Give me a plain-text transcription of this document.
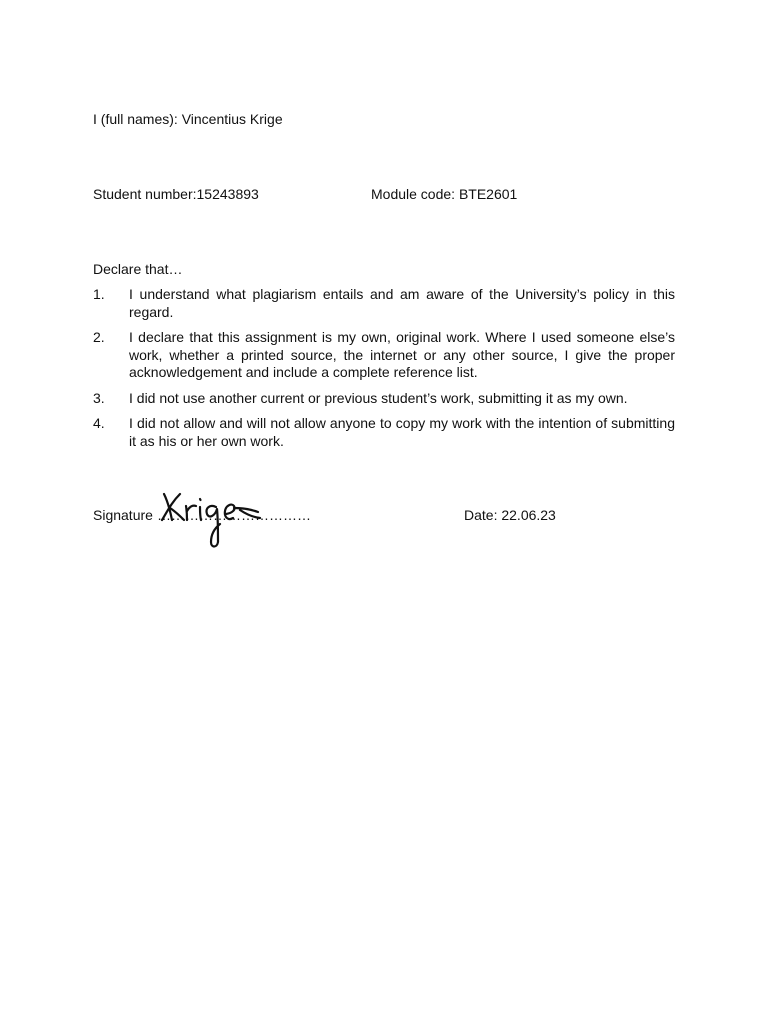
I (full names): Vincentius Krige
Student number:15243893	Module code: BTE2601
Declare that…
1.	I understand what plagiarism entails and am aware of the University’s policy in this regard.
2.	I declare that this assignment is my own, original work. Where I used someone else’s work, whether a printed source, the internet or any other source, I give the proper acknowledgement and include a complete reference list.
3.	I did not use another current or previous student’s work, submitting it as my own.
4.	I did not allow and will not allow anyone to copy my work with the intention of submitting it as his or her own work.
Signature ……………………………	Date: 22.06.23
